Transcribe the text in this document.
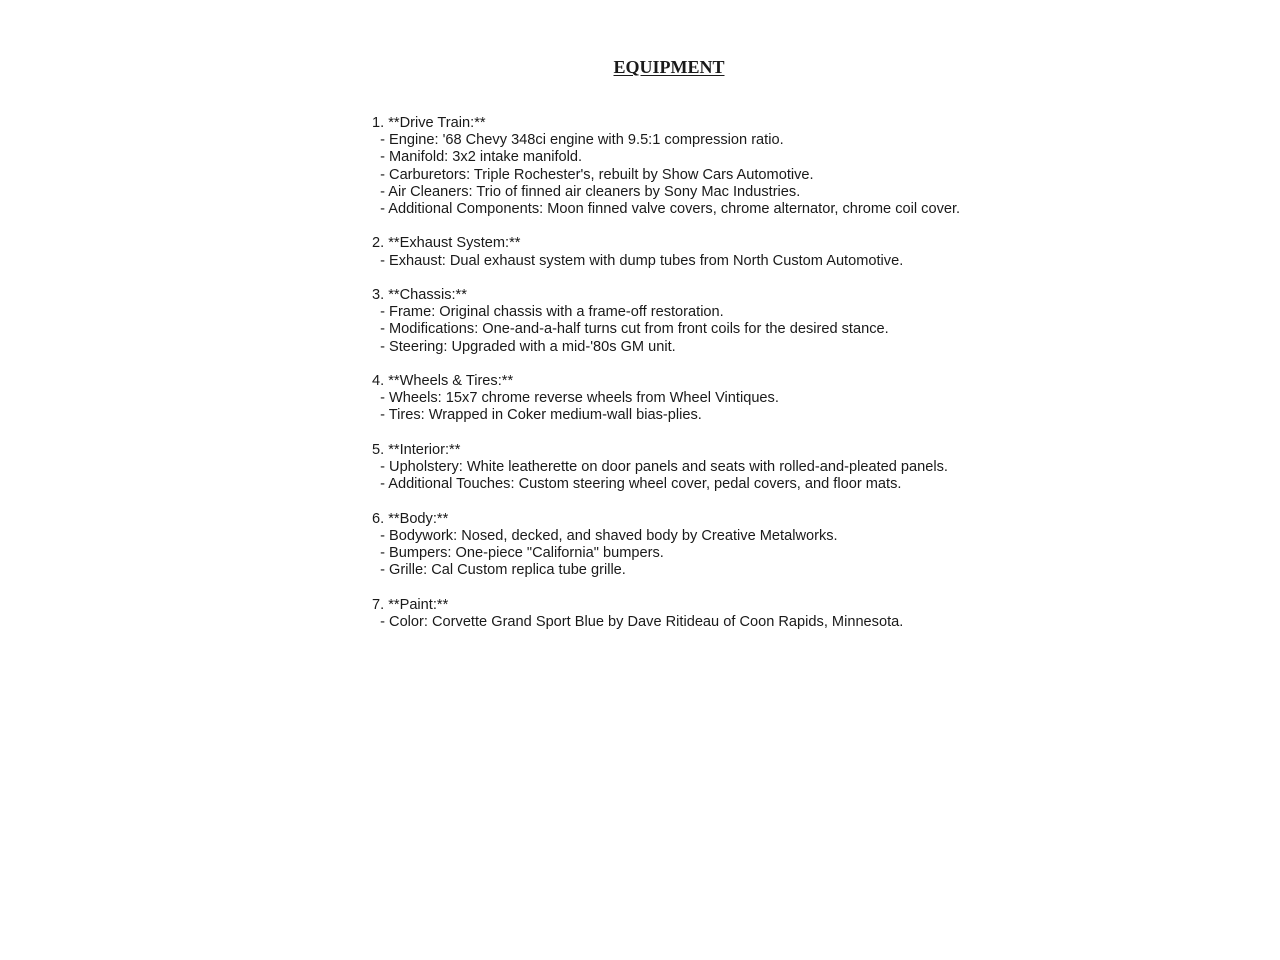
EQUIPMENT

1. **Drive Train:**

- Engine: '68 Chevy 348ci engine with 9.5:1 compression ratio.
- Manifold: 3x2 intake manifold.
- Carburetors: Triple Rochester's, rebuilt by Show Cars Automotive.
- Air Cleaners: Trio of finned air cleaners by Sony Mac Industries.
- Additional Components: Moon finned valve covers, chrome alternator, chrome coil cover.

2. **Exhaust System:**

- Exhaust: Dual exhaust system with dump tubes from North Custom Automotive.

3. **Chassis:**

- Frame: Original chassis with a frame-off restoration.
- Modifications: One-and-a-half turns cut from front coils for the desired stance.
- Steering: Upgraded with a mid-'80s GM unit.

4. **Wheels & Tires:**

- Wheels: 15x7 chrome reverse wheels from Wheel Vintiques.
- Tires: Wrapped in Coker medium-wall bias-plies.

5. **Interior:**

- Upholstery: White leatherette on door panels and seats with rolled-and-pleated panels.
- Additional Touches: Custom steering wheel cover, pedal covers, and floor mats.

6. **Body:**

- Bodywork: Nosed, decked, and shaved body by Creative Metalworks.
- Bumpers: One-piece "California" bumpers.
- Grille: Cal Custom replica tube grille.

7. **Paint:**

- Color: Corvette Grand Sport Blue by Dave Ritideau of Coon Rapids, Minnesota.
